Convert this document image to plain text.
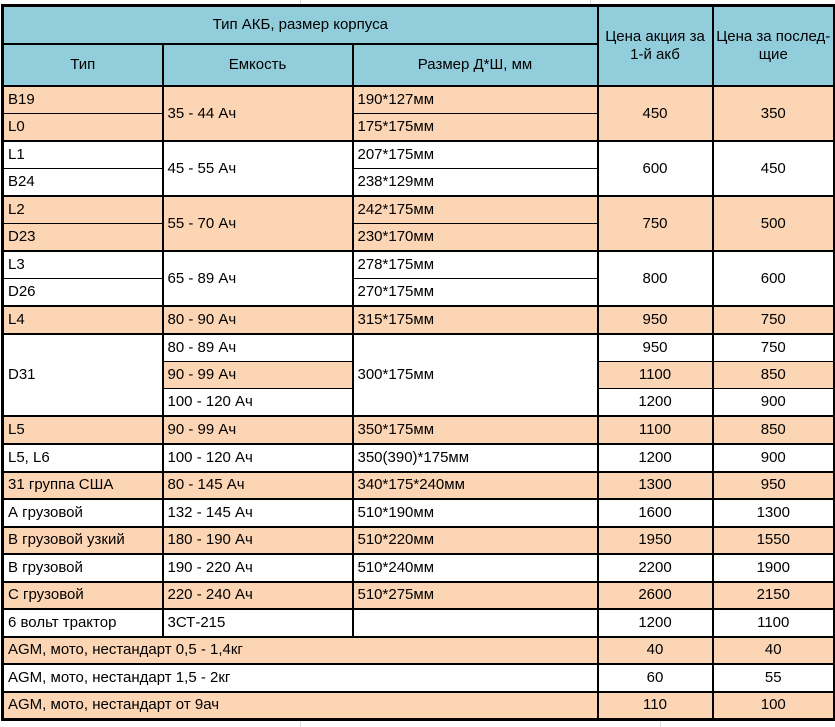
Тип АКБ, размер корпуса			Цена акция за 1-й акб	Цена за послед-щие
Тип	Емкость	Размер Д*Ш, мм		
B19	35 - 44 Ач	190*127мм	450	350
L0		175*175мм		
L1	45 - 55 Ач	207*175мм	600	450
B24		238*129мм		
L2	55 - 70 Ач	242*175мм	750	500
D23		230*170мм		
L3	65 - 89 Ач	278*175мм	800	600
D26		270*175мм		
L4	80 - 90 Ач	315*175мм	950	750
D31	80 - 89 Ач	300*175мм	950	750
	90 - 99 Ач		1100	850
	100 - 120 Ач		1200	900
L5	90 - 99 Ач	350*175мм	1100	850
L5, L6	100 - 120 Ач	350(390)*175мм	1200	900
31 группа США	80 - 145 Ач	340*175*240мм	1300	950
А грузовой	132 - 145 Ач	510*190мм	1600	1300
В грузовой узкий	180 - 190 Ач	510*220мм	1950	1550
В грузовой	190 - 220 Ач	510*240мм	2200	1900
С грузовой	220 - 240 Ач	510*275мм	2600	2150
6 вольт трактор	3СТ-215		1200	1100
AGM, мото, нестандарт 0,5 - 1,4кг			40	40
AGM, мото, нестандарт 1,5 - 2кг			60	55
AGM, мото, нестандарт от 9ач			110	100
